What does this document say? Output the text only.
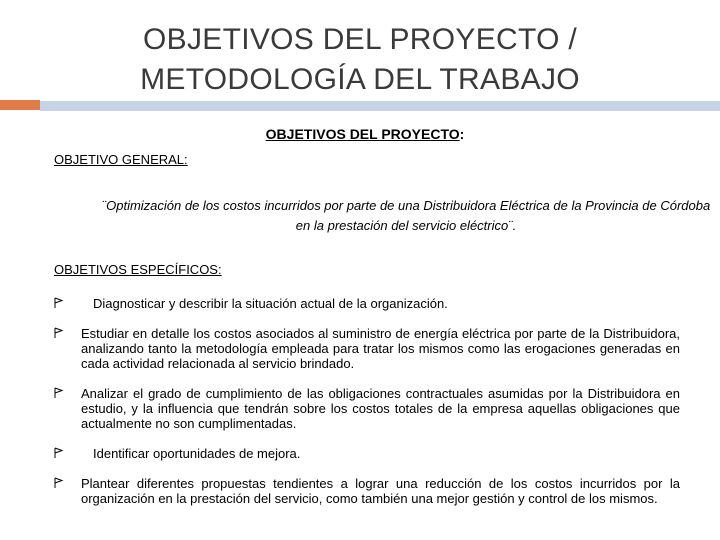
OBJETIVOS DEL PROYECTO /
METODOLOGÍA DEL TRABAJO
OBJETIVOS DEL PROYECTO:
OBJETIVO GENERAL:
¨Optimización de los costos incurridos por parte de una Distribuidora Eléctrica de la Provincia de Córdoba en la prestación del servicio eléctrico¨.
OBJETIVOS ESPECÍFICOS:
Diagnosticar y describir la situación actual de la organización.
Estudiar en detalle los costos asociados al suministro de energía eléctrica por parte de la Distribuidora, analizando tanto la metodología empleada para tratar los mismos como las erogaciones generadas en cada actividad relacionada al servicio brindado.
Analizar el grado de cumplimiento de las obligaciones contractuales asumidas por la Distribuidora en estudio, y la influencia que tendrán sobre los costos totales de la empresa aquellas obligaciones que actualmente no son cumplimentadas.
Identificar oportunidades de mejora.
Plantear diferentes propuestas tendientes a lograr una reducción de los costos incurridos por la organización en la prestación del servicio, como también una mejor gestión y control de los mismos.
